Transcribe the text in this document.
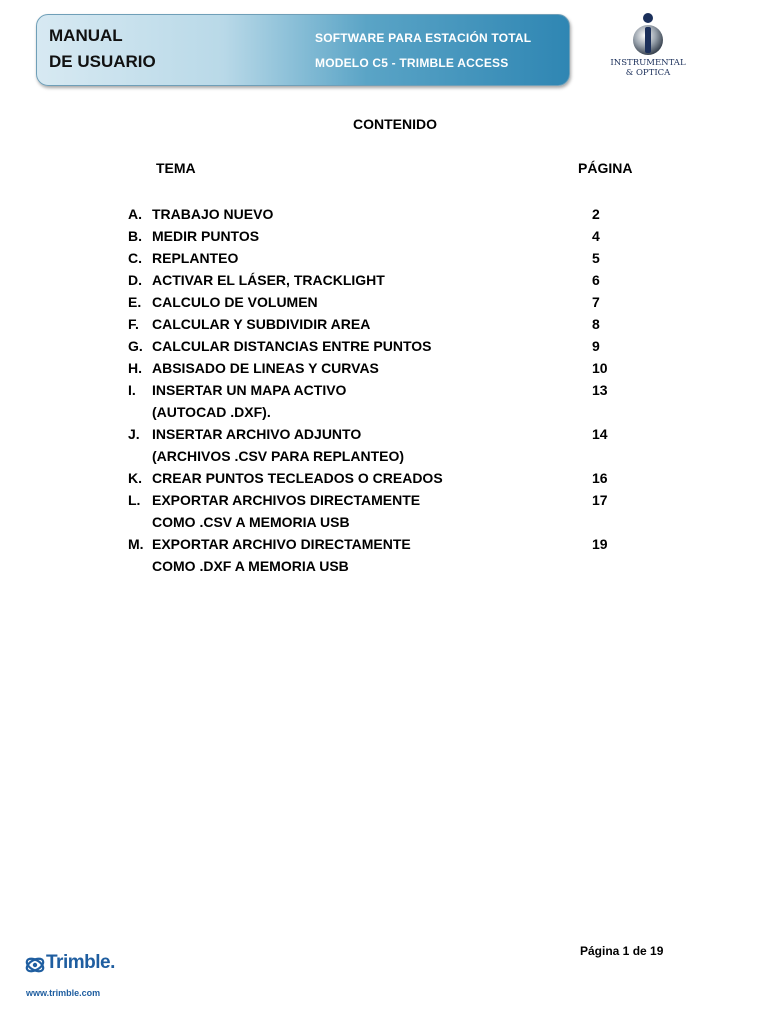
MANUAL
DE USUARIO
SOFTWARE PARA ESTACIÓN TOTAL
MODELO C5 - TRIMBLE ACCESS	INSTRUMENTAL
& OPTICA
CONTENIDO
TEMA	PÁGINA
A. TRABAJO NUEVO	2
B. MEDIR PUNTOS	4
C. REPLANTEO	5
D. ACTIVAR EL LÁSER, TRACKLIGHT	6
E. CALCULO DE VOLUMEN	7
F. CALCULAR Y SUBDIVIDIR AREA	8
G. CALCULAR DISTANCIAS ENTRE PUNTOS	9
H. ABSISADO DE LINEAS Y CURVAS	10
I.	INSERTAR UN MAPA ACTIVO	13
(AUTOCAD .DXF).
J. INSERTAR ARCHIVO ADJUNTO	14
(ARCHIVOS .CSV PARA REPLANTEO)
K. CREAR PUNTOS TECLEADOS O CREADOS	16
L. EXPORTAR ARCHIVOS DIRECTAMENTE	17
COMO .CSV A MEMORIA USB
M. EXPORTAR ARCHIVO DIRECTAMENTE	19
COMO .DXF A MEMORIA USB
Página 1 de 19
Trimble.
www.trimble.com
